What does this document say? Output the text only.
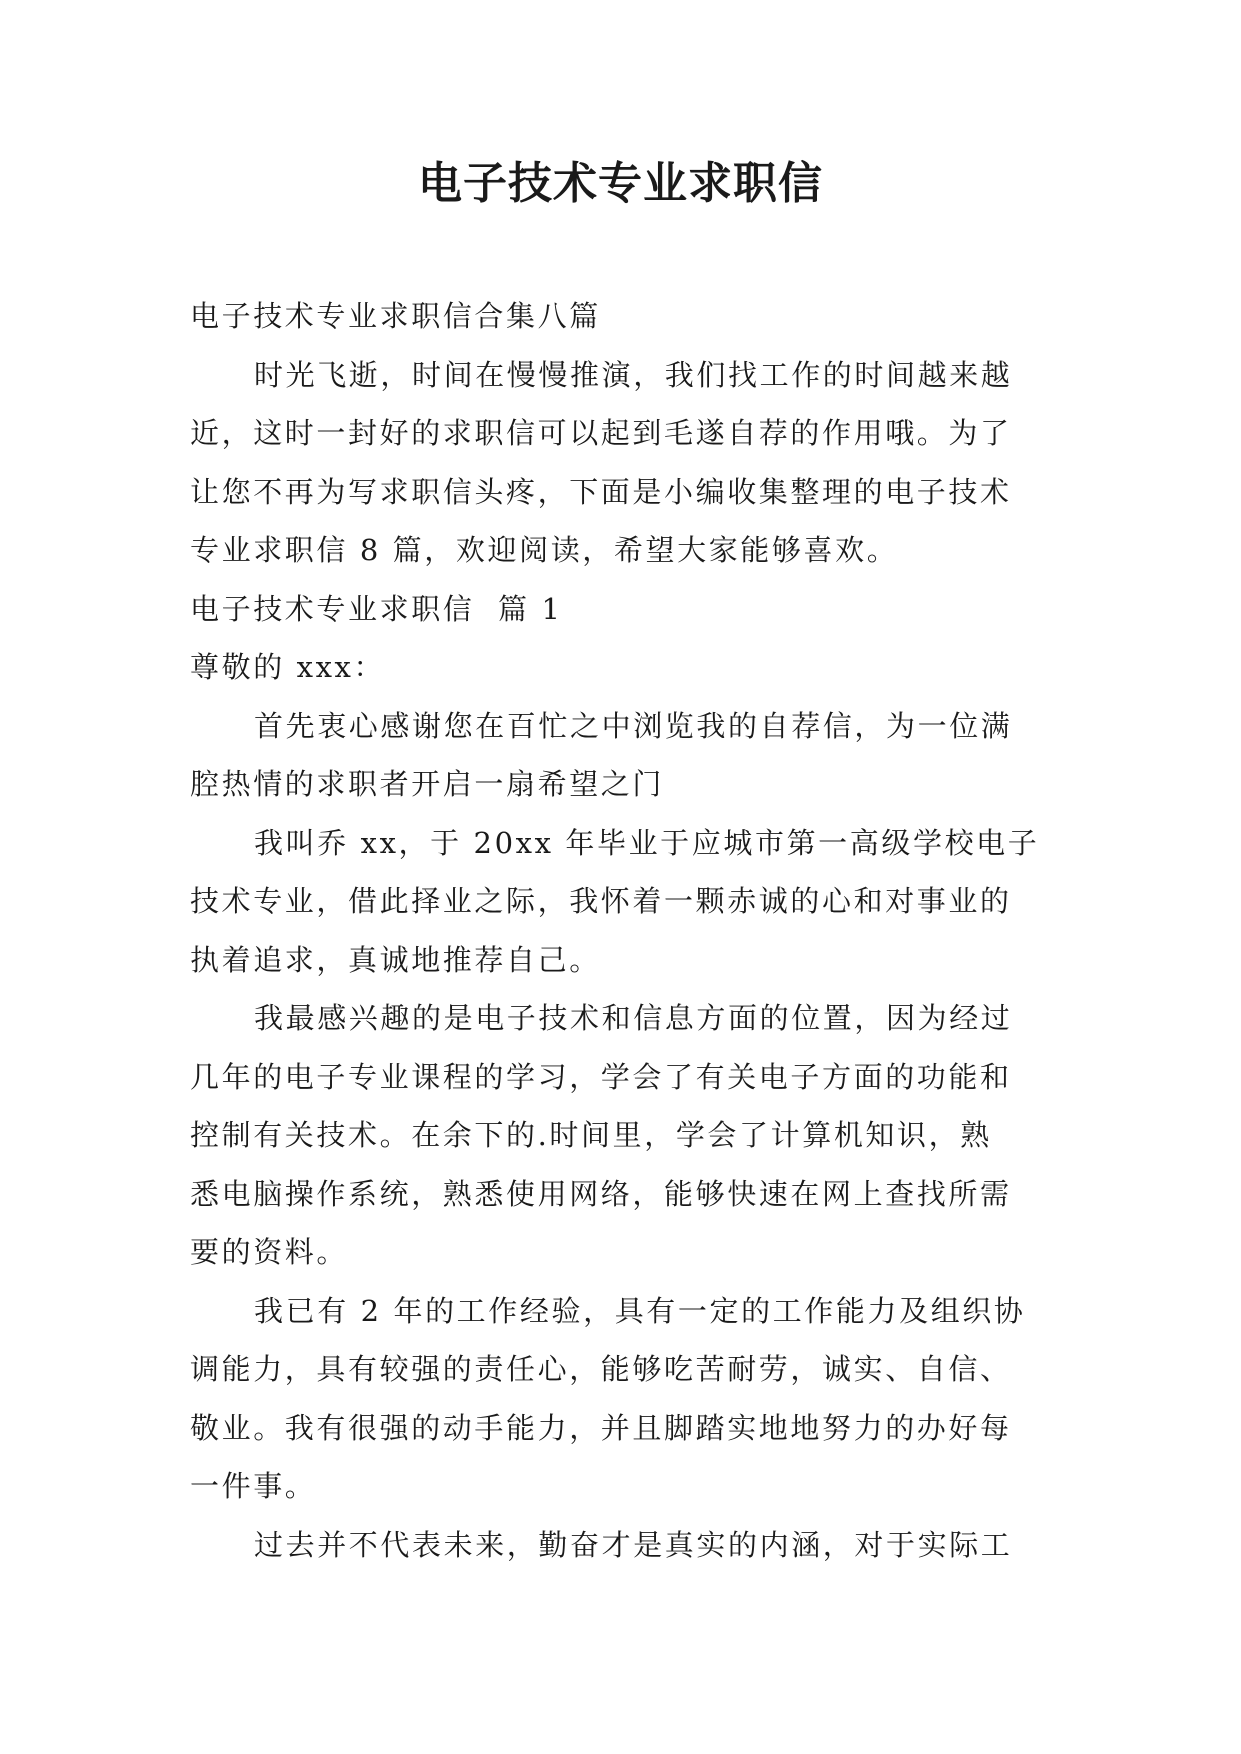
电子技术专业求职信

电子技术专业求职信合集八篇

时光飞逝，时间在慢慢推演，我们找工作的时间越来越

近，这时一封好的求职信可以起到毛遂自荐的作用哦。为了

让您不再为写求职信头疼，下面是小编收集整理的电子技术

专业求职信 8 篇，欢迎阅读，希望大家能够喜欢。

电子技术专业求职信  篇 1

尊敬的 xxx：

首先衷心感谢您在百忙之中浏览我的自荐信，为一位满

腔热情的求职者开启一扇希望之门

我叫乔 xx，于 20xx 年毕业于应城市第一高级学校电子

技术专业，借此择业之际，我怀着一颗赤诚的心和对事业的

执着追求，真诚地推荐自己。

我最感兴趣的是电子技术和信息方面的位置，因为经过

几年的电子专业课程的学习，学会了有关电子方面的功能和

控制有关技术。在余下的.时间里，学会了计算机知识，熟

悉电脑操作系统，熟悉使用网络，能够快速在网上查找所需

要的资料。

我已有 2 年的工作经验，具有一定的工作能力及组织协

调能力，具有较强的责任心，能够吃苦耐劳，诚实、自信、

敬业。我有很强的动手能力，并且脚踏实地地努力的办好每

一件事。

过去并不代表未来，勤奋才是真实的内涵，对于实际工
